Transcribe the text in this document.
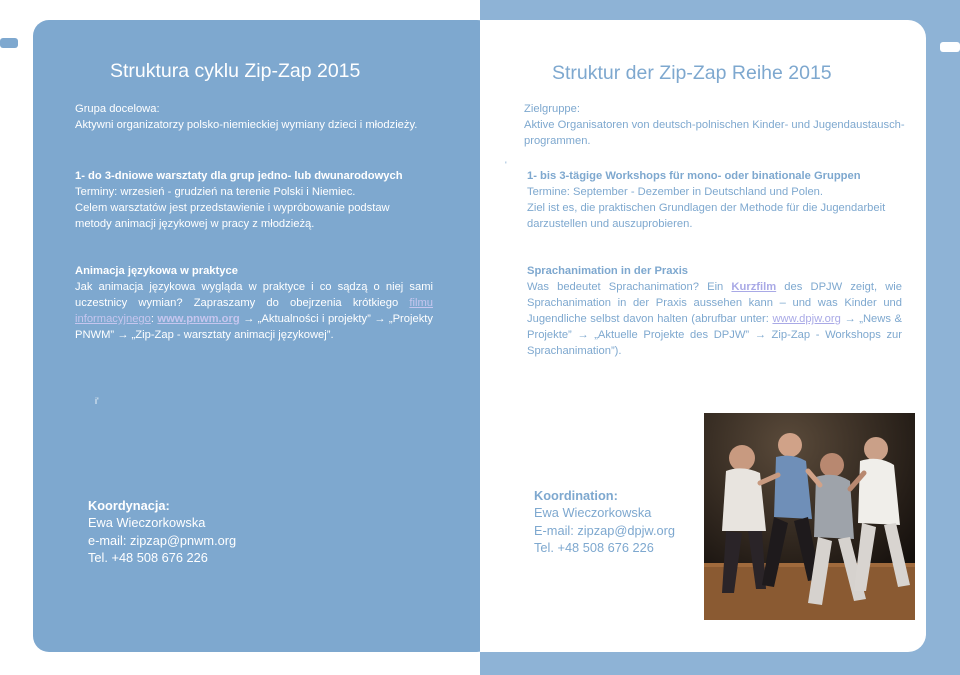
Struktura cyklu Zip-Zap 2015
Grupa docelowa:
Aktywni organizatorzy polsko-niemieckiej wymiany dzieci i młodzieży.
1- do 3-dniowe warsztaty dla grup jedno- lub dwunarodowych
Terminy: wrzesień - grudzień na terenie Polski i Niemiec.
Celem warsztatów jest przedstawienie i wypróbowanie podstaw
metody animacji językowej w pracy z młodzieżą.
Animacja językowa w praktyce
Jak animacja językowa wygląda w praktyce i co sądzą o niej sami uczestnicy wymian? Zapraszamy do obejrzenia krótkiego filmu informacyjnego: www.pnwm.org → „Aktualności i projekty” → „Projekty PNWM” → „Zip-Zap - warsztaty animacji językowej”.
i'
Koordynacja:
Ewa Wieczorkowska
e-mail: zipzap@pnwm.org
Tel. +48 508 676 226
Struktur der Zip-Zap Reihe 2015
Zielgruppe:
Aktive Organisatoren von deutsch-polnischen Kinder- und Jugendaustausch-programmen.
'
1- bis 3-tägige Workshops für mono- oder binationale Gruppen
Termine: September - Dezember in Deutschland und Polen.
Ziel ist es, die praktischen Grundlagen der Methode für die Jugendarbeit
darzustellen und auszuprobieren.
Sprachanimation in der Praxis
Was bedeutet Sprachanimation? Ein Kurzfilm des DPJW zeigt, wie Sprachanimation in der Praxis aussehen kann – und was Kinder und Jugendliche selbst davon halten (abrufbar unter: www.dpjw.org → „News & Projekte” → „Aktuelle Projekte des DPJW” → Zip-Zap - Workshops zur Sprachanimation”).
Koordination:
Ewa Wieczorkowska
E-mail: zipzap@dpjw.org
Tel. +48 508 676 226
